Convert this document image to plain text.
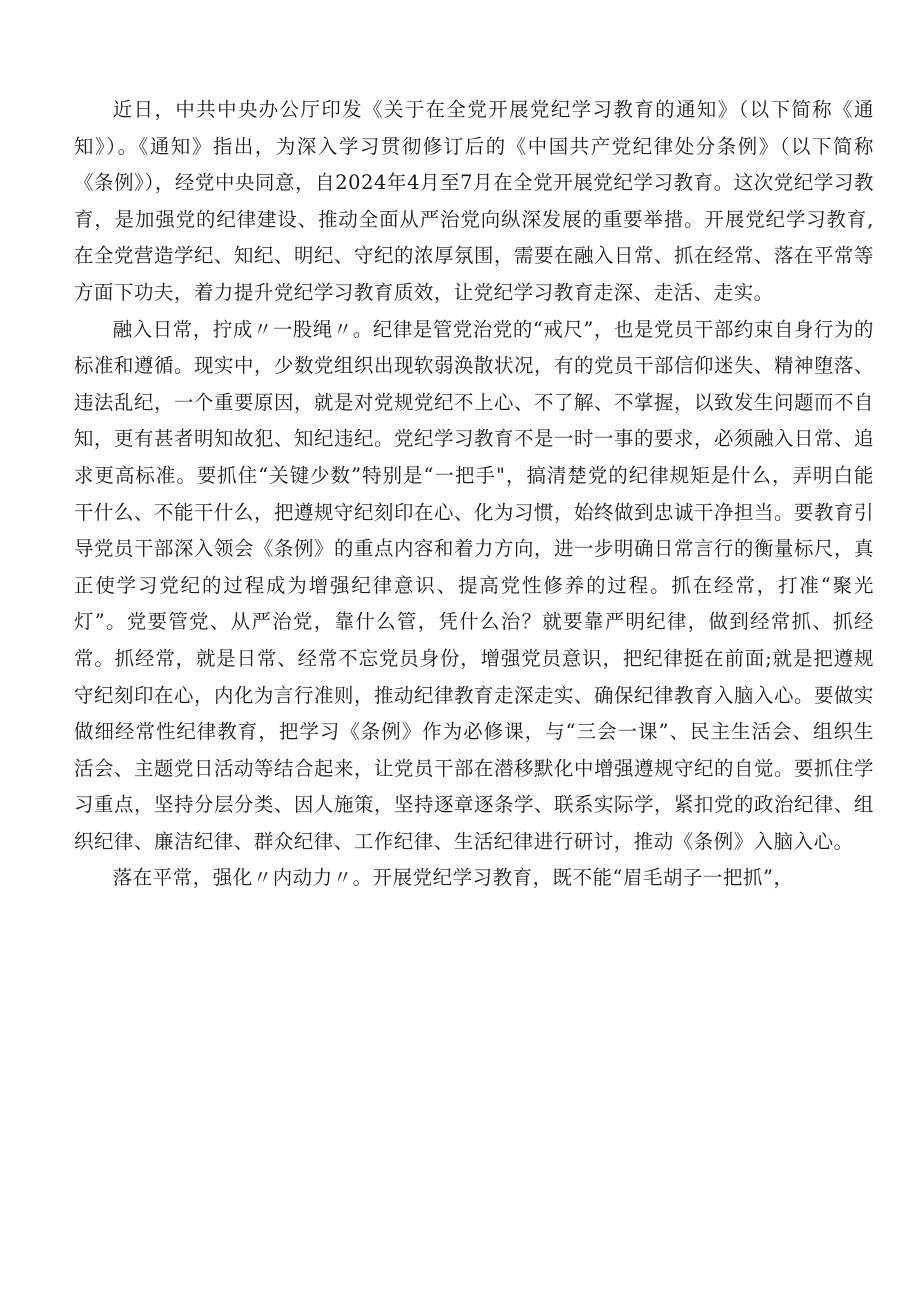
近日，中共中央办公厅印发《关于在全党开展党纪学习教育的通知》（以下简称《通知》）。《通知》指出，为深入学习贯彻修订后的《中国共产党纪律处分条例》（以下简称《条例》），经党中央同意，自2024年4月至7月在全党开展党纪学习教育。这次党纪学习教育，是加强党的纪律建设、推动全面从严治党向纵深发展的重要举措。开展党纪学习教育,在全党营造学纪、知纪、明纪、守纪的浓厚氛围，需要在融入日常、抓在经常、落在平常等方面下功夫，着力提升党纪学习教育质效，让党纪学习教育走深、走活、走实。

融入日常，拧成〃一股绳〃。纪律是管党治党的“戒尺”，也是党员干部约束自身行为的标准和遵循。现实中，少数党组织出现软弱涣散状况，有的党员干部信仰迷失、精神堕落、违法乱纪，一个重要原因，就是对党规党纪不上心、不了解、不掌握，以致发生问题而不自知，更有甚者明知故犯、知纪违纪。党纪学习教育不是一时一事的要求，必须融入日常、追求更高标准。要抓住“关键少数”特别是“一把手"，搞清楚党的纪律规矩是什么，弄明白能干什么、不能干什么，把遵规守纪刻印在心、化为习惯，始终做到忠诚干净担当。要教育引导党员干部深入领会《条例》的重点内容和着力方向，进一步明确日常言行的衡量标尺，真正使学习党纪的过程成为增强纪律意识、提高党性修养的过程。抓在经常，打准“聚光灯”。党要管党、从严治党，靠什么管，凭什么治？就要靠严明纪律，做到经常抓、抓经常。抓经常，就是日常、经常不忘党员身份，增强党员意识，把纪律挺在前面;就是把遵规守纪刻印在心，内化为言行准则，推动纪律教育走深走实、确保纪律教育入脑入心。要做实做细经常性纪律教育，把学习《条例》作为必修课，与“三会一课”、民主生活会、组织生活会、主题党日活动等结合起来，让党员干部在潜移默化中增强遵规守纪的自觉。要抓住学习重点，坚持分层分类、因人施策，坚持逐章逐条学、联系实际学，紧扣党的政治纪律、组织纪律、廉洁纪律、群众纪律、工作纪律、生活纪律进行研讨，推动《条例》入脑入心。

落在平常，强化〃内动力〃。开展党纪学习教育，既不能“眉毛胡子一把抓”，
